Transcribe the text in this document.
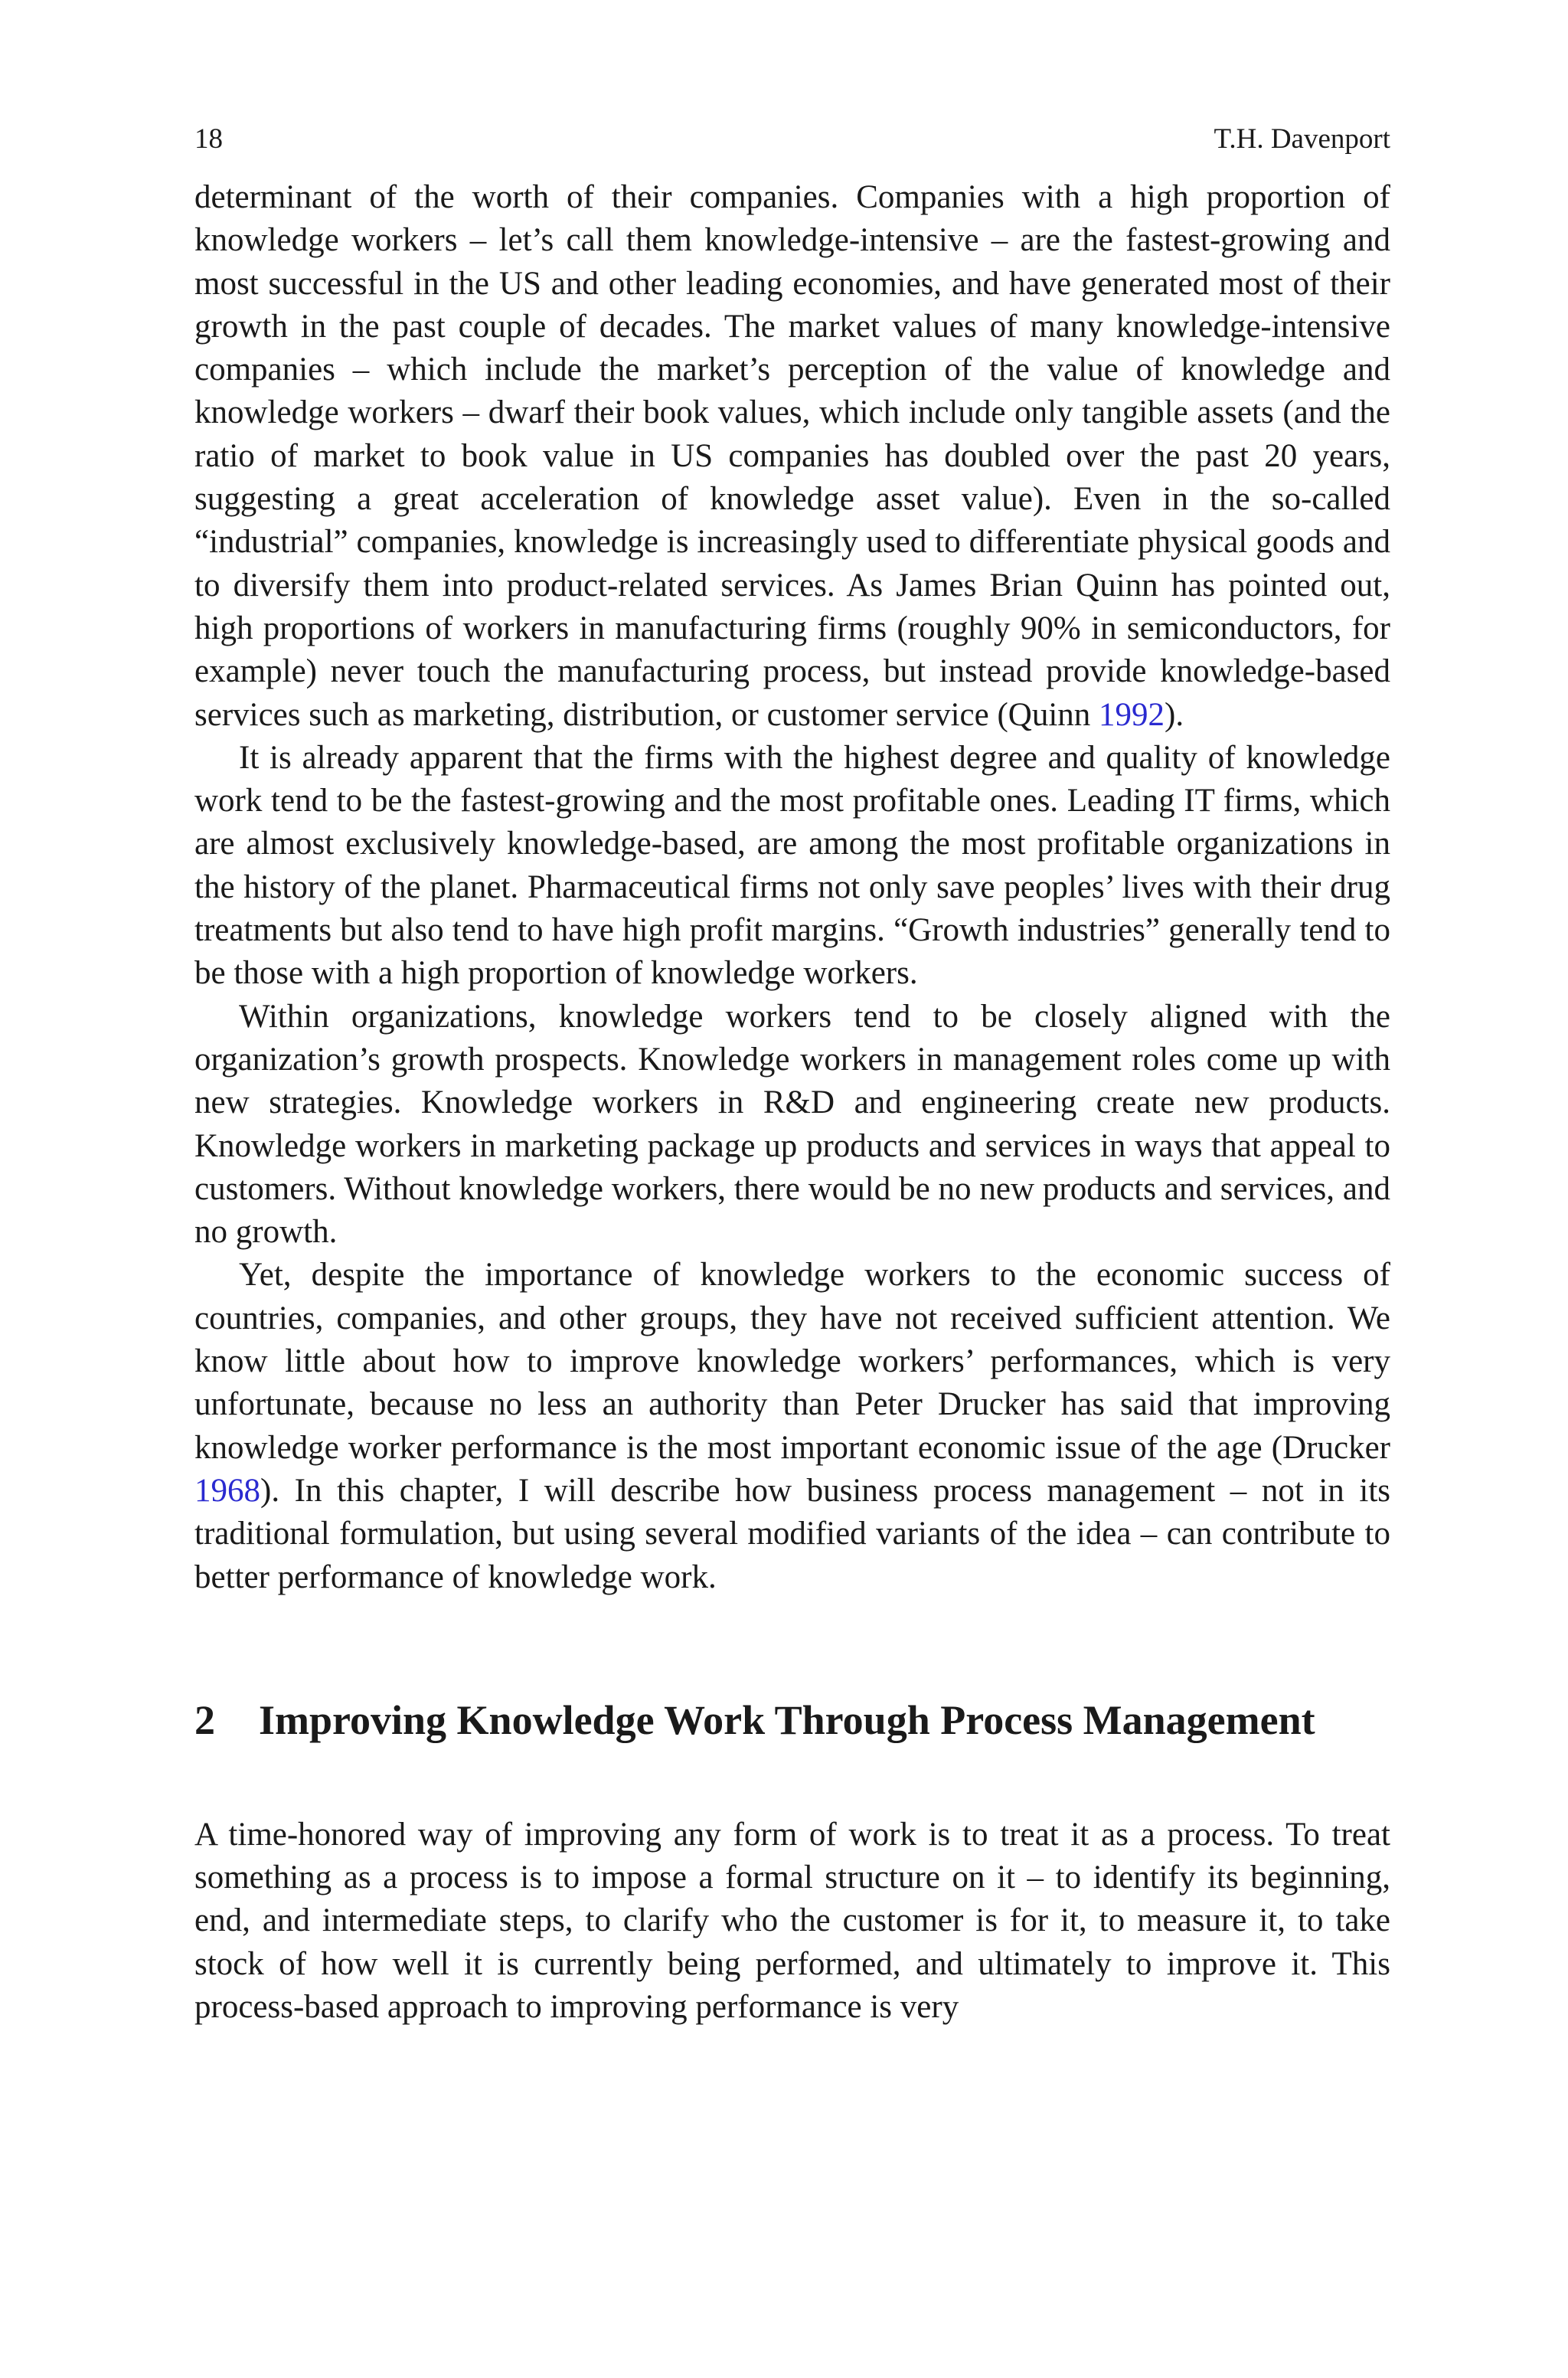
18	T.H. Davenport

determinant of the worth of their companies. Companies with a high proportion of knowledge workers – let’s call them knowledge-intensive – are the fastest-growing and most successful in the US and other leading economies, and have generated most of their growth in the past couple of decades. The market values of many knowledge-intensive companies – which include the market’s perception of the value of knowledge and knowledge workers – dwarf their book values, which include only tangible assets (and the ratio of market to book value in US companies has doubled over the past 20 years, suggesting a great acceleration of knowledge asset value). Even in the so-called “industrial” companies, knowledge is increasingly used to differentiate physical goods and to diversify them into product-related services. As James Brian Quinn has pointed out, high proportions of workers in manufacturing firms (roughly 90% in semiconductors, for example) never touch the manufacturing process, but instead provide knowledge-based services such as marketing, distribution, or customer service (Quinn 1992).

It is already apparent that the firms with the highest degree and quality of knowledge work tend to be the fastest-growing and the most profitable ones. Leading IT firms, which are almost exclusively knowledge-based, are among the most profitable organizations in the history of the planet. Pharmaceutical firms not only save peoples’ lives with their drug treatments but also tend to have high profit margins. “Growth industries” generally tend to be those with a high proportion of knowledge workers.

Within organizations, knowledge workers tend to be closely aligned with the organization’s growth prospects. Knowledge workers in management roles come up with new strategies. Knowledge workers in R&D and engineering create new products. Knowledge workers in marketing package up products and services in ways that appeal to customers. Without knowledge workers, there would be no new products and services, and no growth.

Yet, despite the importance of knowledge workers to the economic success of countries, companies, and other groups, they have not received sufficient attention. We know little about how to improve knowledge workers’ performances, which is very unfortunate, because no less an authority than Peter Drucker has said that improving knowledge worker performance is the most important economic issue of the age (Drucker 1968). In this chapter, I will describe how business process management – not in its traditional formulation, but using several modified variants of the idea – can contribute to better performance of knowledge work.

2	Improving Knowledge Work Through Process Management

A time-honored way of improving any form of work is to treat it as a process. To treat something as a process is to impose a formal structure on it – to identify its beginning, end, and intermediate steps, to clarify who the customer is for it, to measure it, to take stock of how well it is currently being performed, and ultimately to improve it. This process-based approach to improving performance is very
